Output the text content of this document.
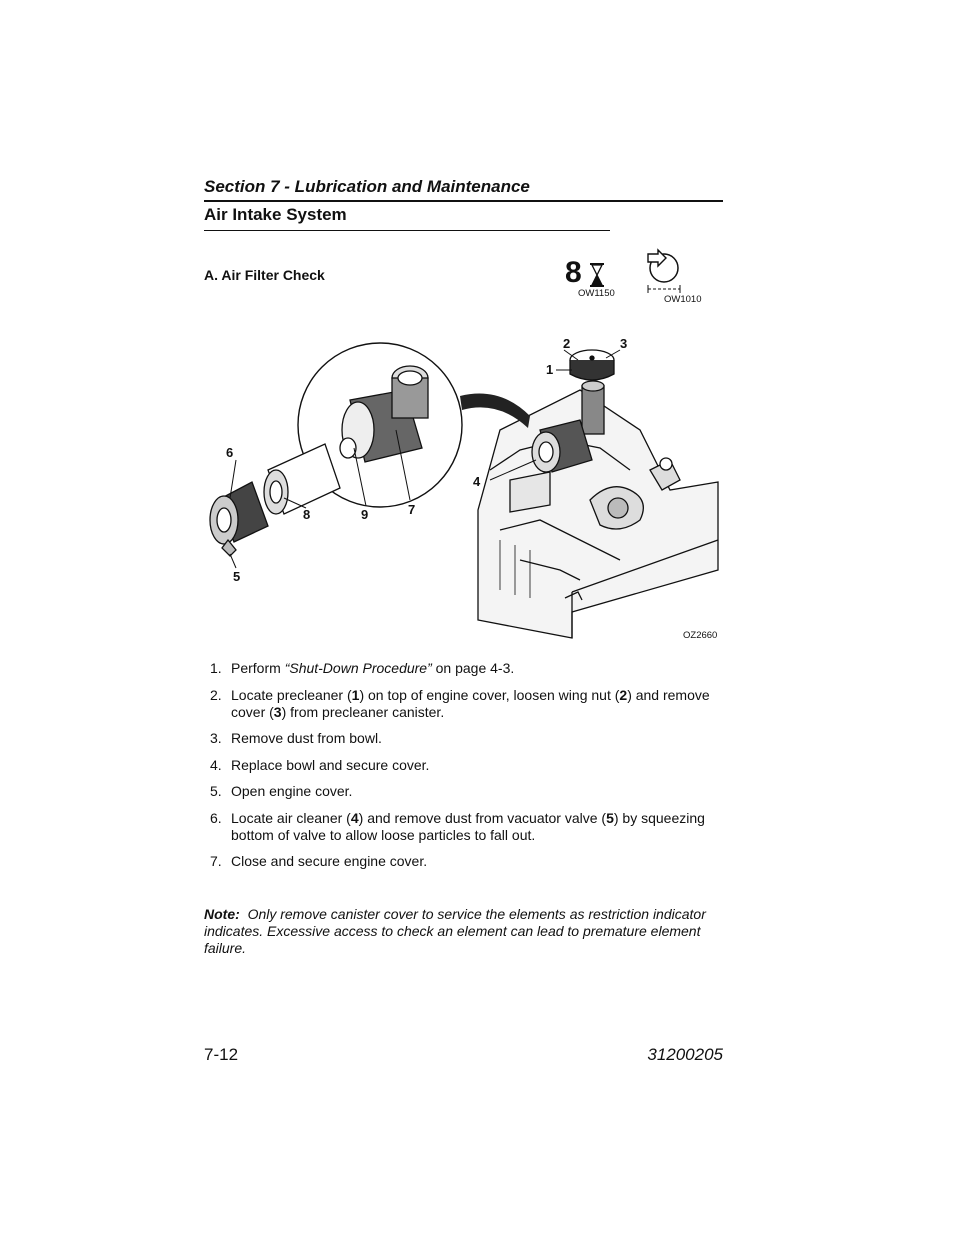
Section 7 - Lubrication and Maintenance
Air Intake System
A. Air Filter Check	8
OW1150
OW1010
1
2	3
4
5
6
7
8	9
OZ2660
1. Perform “Shut-Down Procedure” on page 4-3.
2. Locate precleaner (1) on top of engine cover, loosen wing nut (2) and remove cover (3) from precleaner canister.
3. Remove dust from bowl.
4. Replace bowl and secure cover.
5. Open engine cover.
6. Locate air cleaner (4) and remove dust from vacuator valve (5) by squeezing bottom of valve to allow loose particles to fall out.
7. Close and secure engine cover.
Note: Only remove canister cover to service the elements as restriction indicator indicates. Excessive access to check an element can lead to premature element failure.
7-12	31200205
